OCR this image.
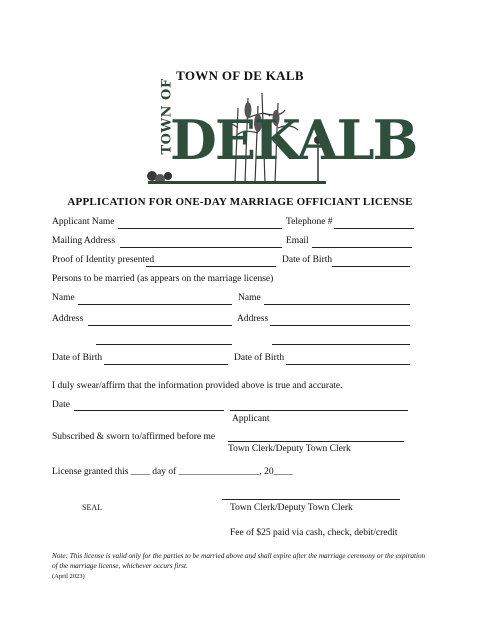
TOWN OF DE KALB
TOWN OF
DEKALB
APPLICATION FOR ONE-DAY MARRIAGE OFFICIANT LICENSE
Applicant Name	Telephone #
Mailing Address	Email
Proof of Identity presented	Date of Birth
Persons to be married (as appears on the marriage license)
Name	Name
Address	Address
Date of Birth	Date of Birth
I duly swear/affirm that the information provided above is true and accurate.
Date
Applicant
Subscribed & sworn to/affirmed before me
Town Clerk/Deputy Town Clerk
License granted this ____ day of _________________, 20____
SEAL	Town Clerk/Deputy Town Clerk
Fee of $25 paid via cash, check, debit/credit
Note: This license is valid only for the parties to be married above and shall expire after the marriage ceremony or the expiration of the marriage license, whichever occurs first.
(April 2023)
